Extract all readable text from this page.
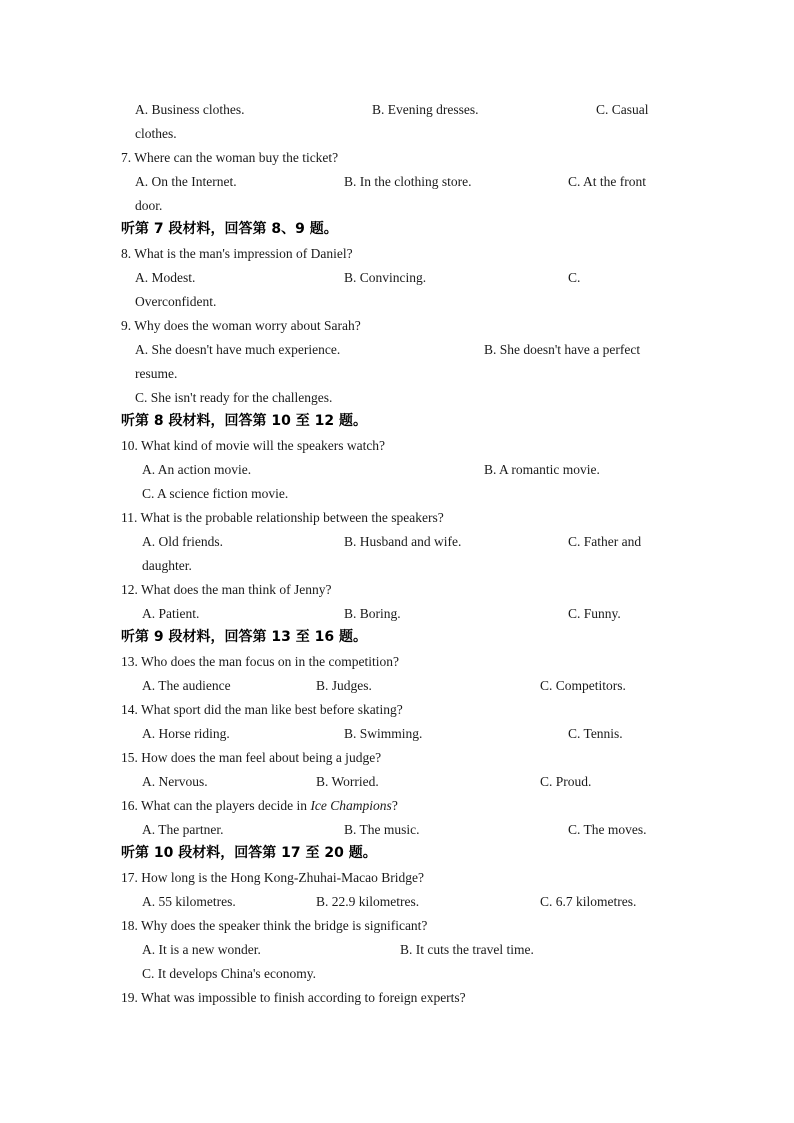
A. Business clothes.	B. Evening dresses.	C. Casual
clothes.
7. Where can the woman buy the ticket?
A. On the Internet.	B. In the clothing store.	C. At the front
door.
听第 7 段材料，回答第 8、9 题。
8. What is the man's impression of Daniel?
A. Modest.	B. Convincing.	C.
Overconfident.
9. Why does the woman worry about Sarah?
A. She doesn't have much experience.	B. She doesn't have a perfect
resume.
C. She isn't ready for the challenges.
听第 8 段材料，回答第 10 至 12 题。
10. What kind of movie will the speakers watch?
A. An action movie.	B. A romantic movie.
C. A science fiction movie.
11. What is the probable relationship between the speakers?
A. Old friends.	B. Husband and wife.	C. Father and
daughter.
12. What does the man think of Jenny?
A. Patient.	B. Boring.	C. Funny.
听第 9 段材料，回答第 13 至 16 题。
13. Who does the man focus on in the competition?
A. The audience	B. Judges.	C. Competitors.
14. What sport did the man like best before skating?
A. Horse riding.	B. Swimming.	C. Tennis.
15. How does the man feel about being a judge?
A. Nervous.	B. Worried.	C. Proud.
16. What can the players decide in Ice Champions?
A. The partner.	B. The music.	C. The moves.
听第 10 段材料，回答第 17 至 20 题。
17. How long is the Hong Kong-Zhuhai-Macao Bridge?
A. 55 kilometres.	B. 22.9 kilometres.	C. 6.7 kilometres.
18. Why does the speaker think the bridge is significant?
A. It is a new wonder.	B. It cuts the travel time.
C. It develops China's economy.
19. What was impossible to finish according to foreign experts?
